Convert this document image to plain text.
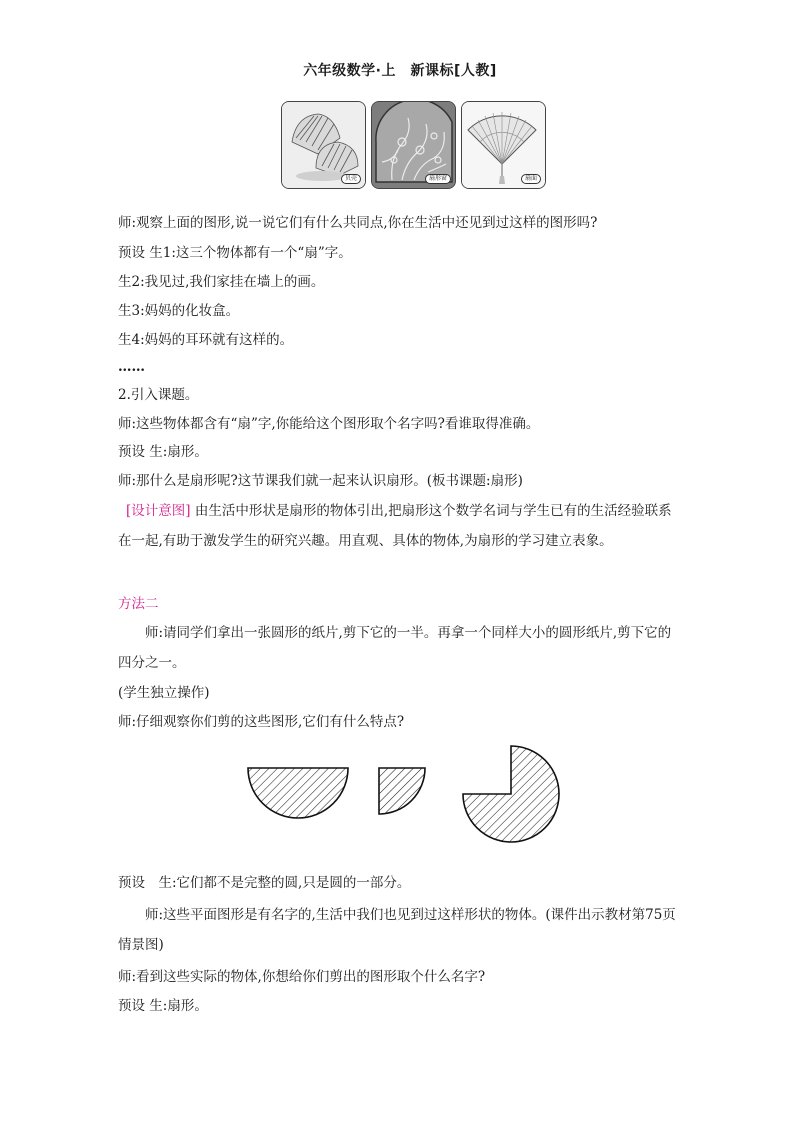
六年级数学·上　新课标[人教]
贝壳	扇形窗	扇面
师:观察上面的图形,说一说它们有什么共同点,你在生活中还见到过这样的图形吗?
预设 生1:这三个物体都有一个“扇”字。
生2:我见过,我们家挂在墙上的画。
生3:妈妈的化妆盒。
生4:妈妈的耳环就有这样的。
……
2.引入课题。
师:这些物体都含有“扇”字,你能给这个图形取个名字吗?看谁取得准确。
预设 生:扇形。
师:那什么是扇形呢?这节课我们就一起来认识扇形。(板书课题:扇形)
[设计意图] 由生活中形状是扇形的物体引出,把扇形这个数学名词与学生已有的生活经验联系在一起,有助于激发学生的研究兴趣。用直观、具体的物体,为扇形的学习建立表象。
方法二
师:请同学们拿出一张圆形的纸片,剪下它的一半。再拿一个同样大小的圆形纸片,剪下它的四分之一。
(学生独立操作)
师:仔细观察你们剪的这些图形,它们有什么特点?
预设　生:它们都不是完整的圆,只是圆的一部分。
师:这些平面图形是有名字的,生活中我们也见到过这样形状的物体。(课件出示教材第75页情景图)
师:看到这些实际的物体,你想给你们剪出的图形取个什么名字?
预设 生:扇形。
